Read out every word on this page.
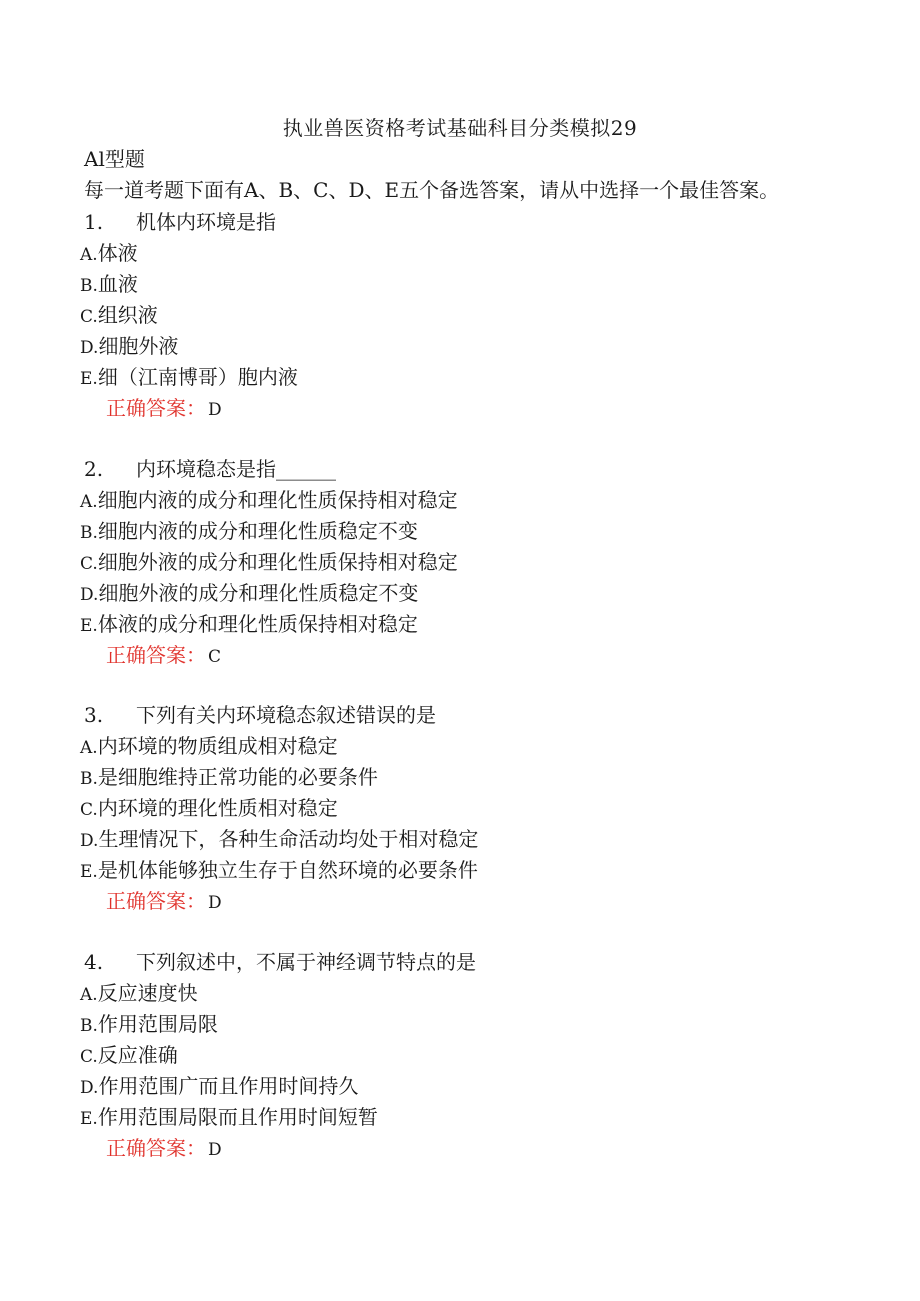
执业兽医资格考试基础科目分类模拟29
Al型题
每一道考题下面有A、B、C、D、E五个备选答案，请从中选择一个最佳答案。
1.	机体内环境是指
A.体液
B.血液
C.组织液
D.细胞外液
E.细（江南博哥）胞内液
正确答案： D
2.	内环境稳态是指______
A.细胞内液的成分和理化性质保持相对稳定
B.细胞内液的成分和理化性质稳定不变
C.细胞外液的成分和理化性质保持相对稳定
D.细胞外液的成分和理化性质稳定不变
E.体液的成分和理化性质保持相对稳定
正确答案： C
3.	下列有关内环境稳态叙述错误的是
A.内环境的物质组成相对稳定
B.是细胞维持正常功能的必要条件
C.内环境的理化性质相对稳定
D.生理情况下，各种生命活动均处于相对稳定
E.是机体能够独立生存于自然环境的必要条件
正确答案： D
4.	下列叙述中，不属于神经调节特点的是
A.反应速度快
B.作用范围局限
C.反应准确
D.作用范围广而且作用时间持久
E.作用范围局限而且作用时间短暂
正确答案： D
